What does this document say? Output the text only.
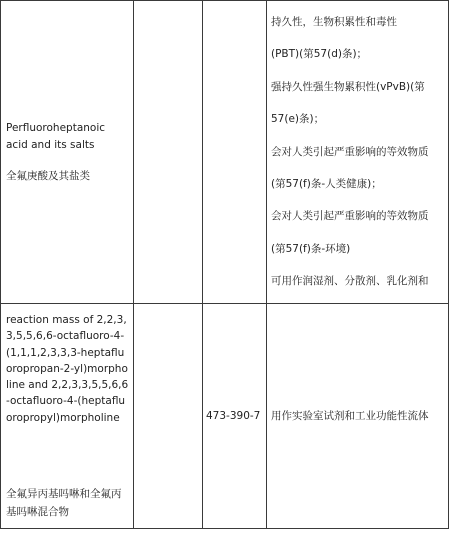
Perfluoroheptanoic acid and its salts
全氟庚酸及其盐类
持久性，生物积累性和毒性
(PBT)(第57(d)条)；
强持久性强生物累积性(vPvB)(第
57(e)条)；
会对人类引起严重影响的等效物质
(第57(f)条-人类健康)；
会对人类引起严重影响的等效物质
(第57(f)条-环境)
可用作润湿剂、分散剂、乳化剂和
reaction mass of 2,2,3,3,5,5,6,6-octafluoro-4-(1,1,1,2,3,3,3-heptafluoropropan-2-yl)morpholine and 2,2,3,3,5,5,6,6-octafluoro-4-(heptafluoropropyl)morpholine
全氟异丙基吗啉和全氟丙基吗啉混合物
473-390-7	用作实验室试剂和工业功能性流体
